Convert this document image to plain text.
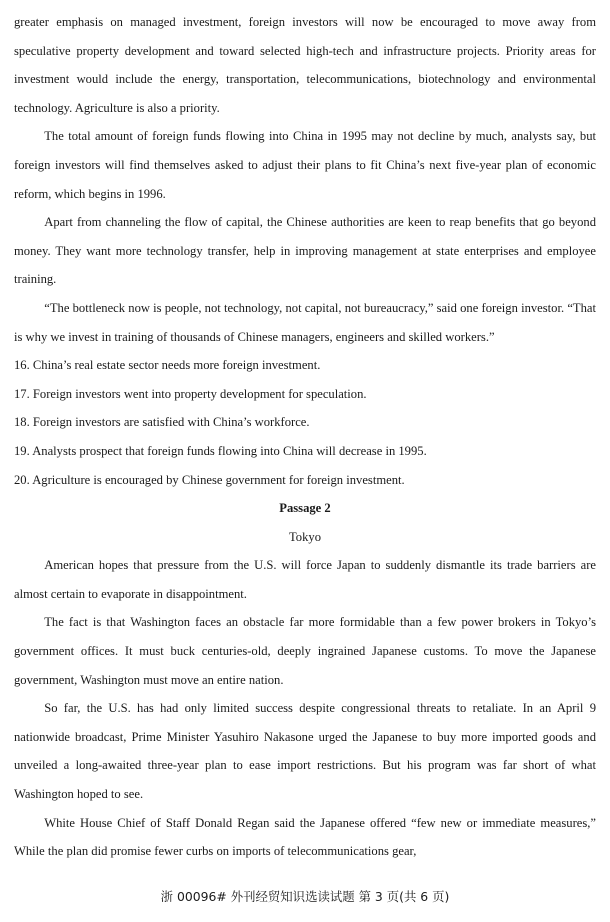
greater emphasis on managed investment, foreign investors will now be encouraged to move away from speculative property development and toward selected high-tech and infrastructure projects. Priority areas for investment would include the energy, transportation, telecommunications, biotechnology and environmental technology. Agriculture is also a priority.

The total amount of foreign funds flowing into China in 1995 may not decline by much, analysts say, but foreign investors will find themselves asked to adjust their plans to fit China’s next five-year plan of economic reform, which begins in 1996.

Apart from channeling the flow of capital, the Chinese authorities are keen to reap benefits that go beyond money. They want more technology transfer, help in improving management at state enterprises and employee training.

“The bottleneck now is people, not technology, not capital, not bureaucracy,” said one foreign investor. “That is why we invest in training of thousands of Chinese managers, engineers and skilled workers.”

16. China’s real estate sector needs more foreign investment.

17. Foreign investors went into property development for speculation.

18. Foreign investors are satisfied with China’s workforce.

19. Analysts prospect that foreign funds flowing into China will decrease in 1995.

20. Agriculture is encouraged by Chinese government for foreign investment.

Passage 2

Tokyo

American hopes that pressure from the U.S. will force Japan to suddenly dismantle its trade barriers are almost certain to evaporate in disappointment.

The fact is that Washington faces an obstacle far more formidable than a few power brokers in Tokyo’s government offices. It must buck centuries-old, deeply ingrained Japanese customs. To move the Japanese government, Washington must move an entire nation.

So far, the U.S. has had only limited success despite congressional threats to retaliate. In an April 9 nationwide broadcast, Prime Minister Yasuhiro Nakasone urged the Japanese to buy more imported goods and unveiled a long-awaited three-year plan to ease import restrictions. But his program was far short of what Washington hoped to see.

White House Chief of Staff Donald Regan said the Japanese offered “few new or immediate measures,” While the plan did promise fewer curbs on imports of telecommunications gear,

浙 00096# 外刊经贸知识选读试题 第 3 页(共 6 页)
